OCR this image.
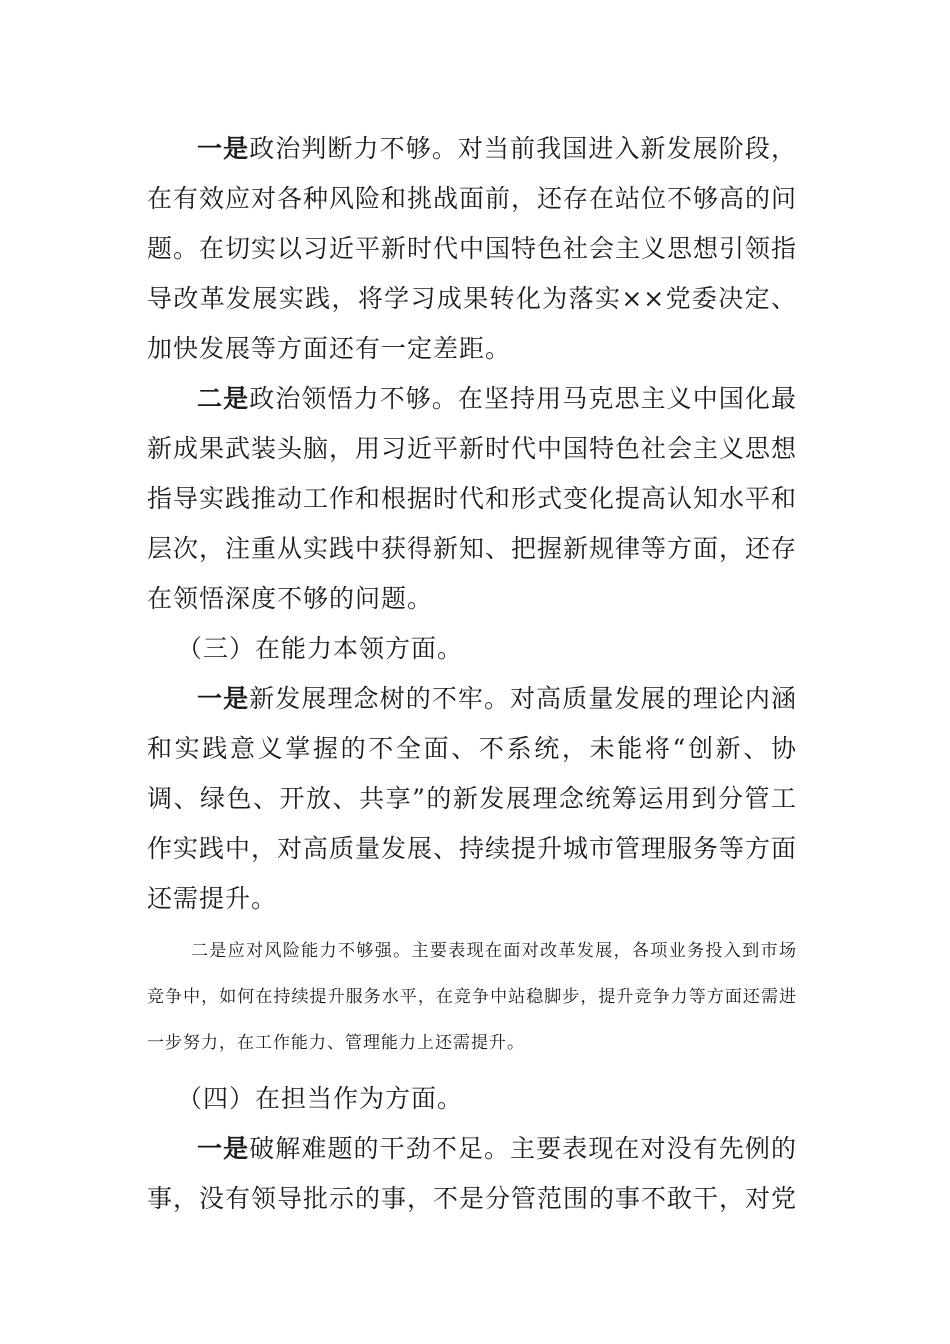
一是政治判断力不够。对当前我国进入新发展阶段，在有效应对各种风险和挑战面前，还存在站位不够高的问题。在切实以习近平新时代中国特色社会主义思想引领指导改革发展实践，将学习成果转化为落实××党委决定、加快发展等方面还有一定差距。

二是政治领悟力不够。在坚持用马克思主义中国化最新成果武装头脑，用习近平新时代中国特色社会主义思想指导实践推动工作和根据时代和形式变化提高认知水平和层次，注重从实践中获得新知、把握新规律等方面，还存在领悟深度不够的问题。

（三）在能力本领方面。

一是新发展理念树的不牢。对高质量发展的理论内涵和实践意义掌握的不全面、不系统，未能将“创新、协调、绿色、开放、共享”的新发展理念统筹运用到分管工作实践中，对高质量发展、持续提升城市管理服务等方面还需提升。

二是应对风险能力不够强。主要表现在面对改革发展，各项业务投入到市场竞争中，如何在持续提升服务水平，在竞争中站稳脚步，提升竞争力等方面还需进一步努力，在工作能力、管理能力上还需提升。

（四）在担当作为方面。

一是破解难题的干劲不足。主要表现在对没有先例的事，没有领导批示的事，不是分管范围的事不敢干，对党
